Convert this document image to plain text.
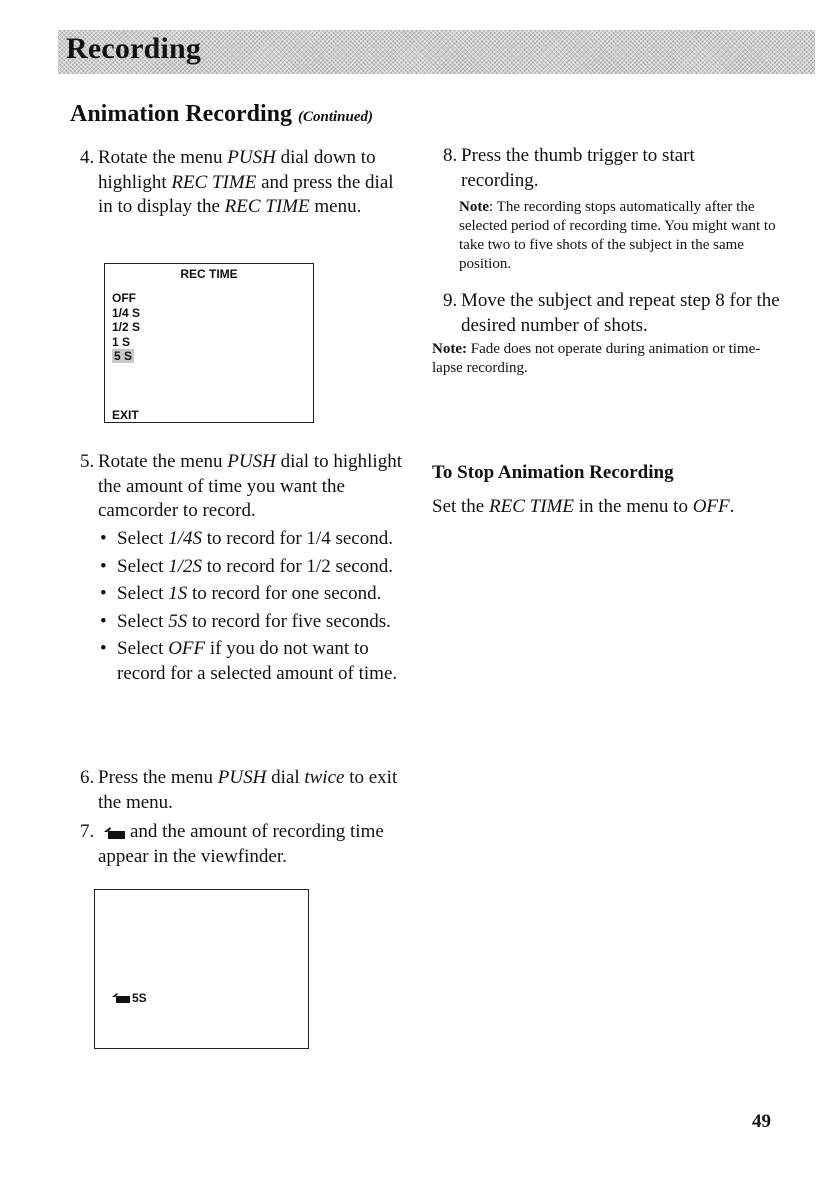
Recording
Animation Recording (Continued)
4. Rotate the menu PUSH dial down to highlight REC TIME and press the dial in to display the REC TIME menu.
REC TIME
OFF
1/4 S
1/2 S
1 S
5 S
EXIT
5. Rotate the menu PUSH dial to highlight the amount of time you want the camcorder to record.
• Select 1/4S to record for 1/4 second.
• Select 1/2S to record for 1/2 second.
• Select 1S to record for one second.
• Select 5S to record for five seconds.
• Select OFF if you do not want to record for a selected amount of time.
6. Press the menu PUSH dial twice to exit the menu.
7. and the amount of recording time appear in the viewfinder.
5S
8. Press the thumb trigger to start recording.
Note: The recording stops automatically after the selected period of recording time. You might want to take two to five shots of the subject in the same position.
9. Move the subject and repeat step 8 for the desired number of shots.
Note: Fade does not operate during animation or time-lapse recording.
To Stop Animation Recording
Set the REC TIME in the menu to OFF.
49
